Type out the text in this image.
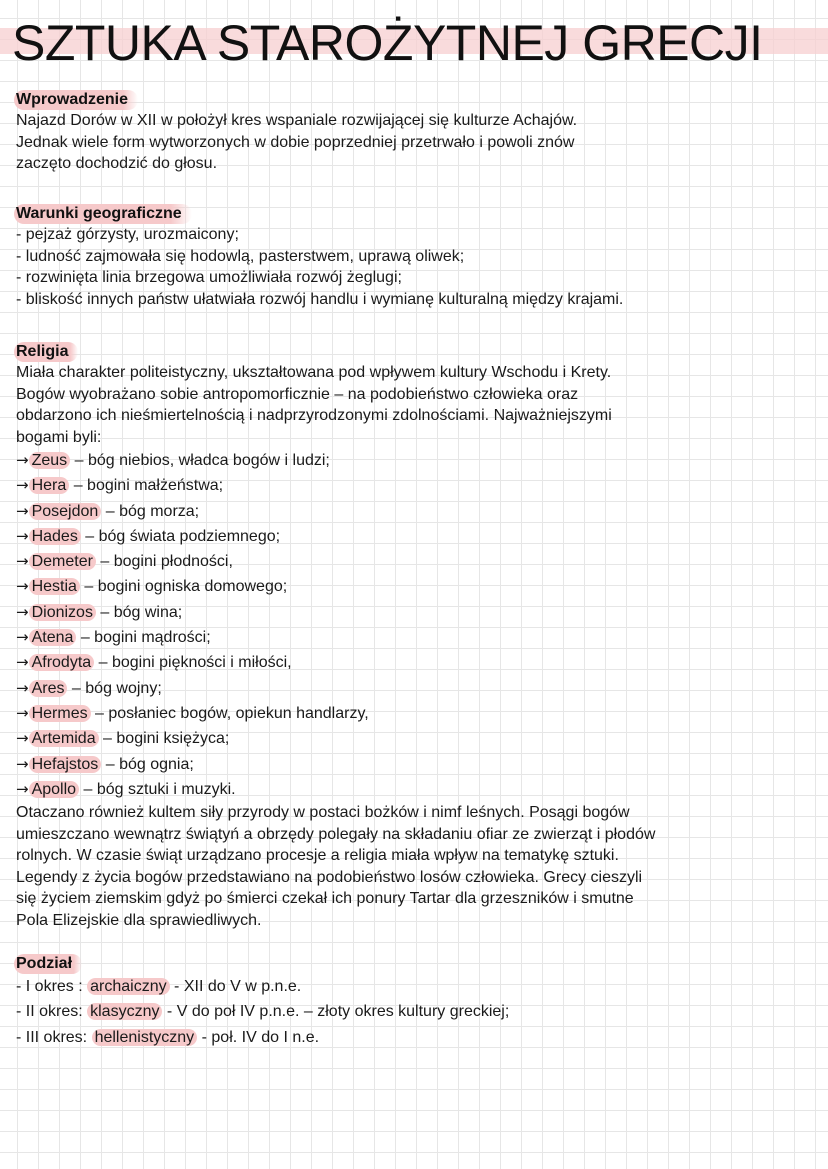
SZTUKA STAROŻYTNEJ GRECJI
Wprowadzenie
Najazd Dorów w XII w położył kres wspaniale rozwijającej się kulturze Achajów.
Jednak wiele form wytworzonych w dobie poprzedniej przetrwało i powoli znów
zaczęto dochodzić do głosu.
Warunki geograficzne
- pejzaż górzysty, urozmaicony;
- ludność zajmowała się hodowlą, pasterstwem, uprawą oliwek;
- rozwinięta linia brzegowa umożliwiała rozwój żeglugi;
- bliskość innych państw ułatwiała rozwój handlu i wymianę kulturalną między krajami.
Religia
Miała charakter politeistyczny, ukształtowana pod wpływem kultury Wschodu i Krety.
Bogów wyobrażano sobie antropomorficznie – na podobieństwo człowieka oraz
obdarzono ich nieśmiertelnością i nadprzyrodzonymi zdolnościami. Najważniejszymi
bogami byli:
→ Zeus – bóg niebios, władca bogów i ludzi;
→ Hera – bogini małżeństwa;
→ Posejdon – bóg morza;
→ Hades – bóg świata podziemnego;
→ Demeter – bogini płodności,
→ Hestia – bogini ogniska domowego;
→ Dionizos – bóg wina;
→ Atena – bogini mądrości;
→ Afrodyta – bogini piękności i miłości,
→ Ares – bóg wojny;
→ Hermes – posłaniec bogów, opiekun handlarzy,
→ Artemida – bogini księżyca;
→ Hefajstos – bóg ognia;
→ Apollo – bóg sztuki i muzyki.
Otaczano również kultem siły przyrody w postaci bożków i nimf leśnych. Posągi bogów
umieszczano wewnątrz świątyń a obrzędy polegały na składaniu ofiar ze zwierząt i płodów
rolnych. W czasie świąt urządzano procesje a religia miała wpływ na tematykę sztuki.
Legendy z życia bogów przedstawiano na podobieństwo losów człowieka. Grecy cieszyli
się życiem ziemskim gdyż po śmierci czekał ich ponury Tartar dla grzeszników i smutne
Pola Elizejskie dla sprawiedliwych.
Podział
- I okres : archaiczny - XII do V w p.n.e.
- II okres: klasyczny - V do poł IV p.n.e. – złoty okres kultury greckiej;
- III okres: hellenistyczny - poł. IV do I n.e.
